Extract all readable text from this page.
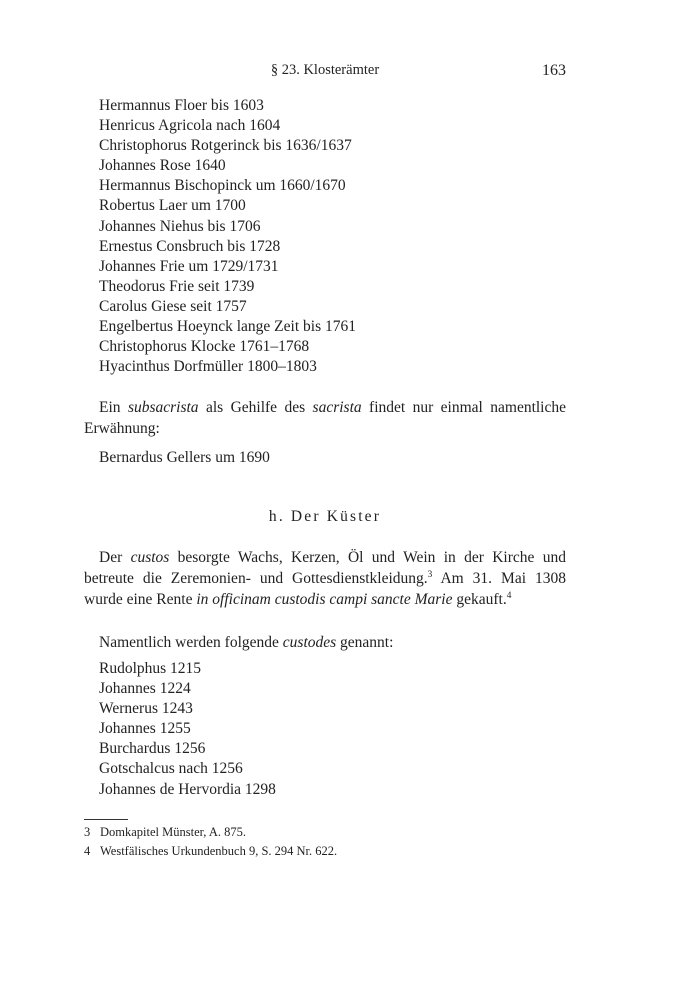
§ 23. Klosterämter	163
Hermannus Floer bis 1603
Henricus Agricola nach 1604
Christophorus Rotgerinck bis 1636/1637
Johannes Rose 1640
Hermannus Bischopinck um 1660/1670
Robertus Laer um 1700
Johannes Niehus bis 1706
Ernestus Consbruch bis 1728
Johannes Frie um 1729/1731
Theodorus Frie seit 1739
Carolus Giese seit 1757
Engelbertus Hoeynck lange Zeit bis 1761
Christophorus Klocke 1761–1768
Hyacinthus Dorfmüller 1800–1803

Ein subsacrista als Gehilfe des sacrista findet nur einmal namentliche Erwähnung:

Bernardus Gellers um 1690
h. Der Küster

Der custos besorgte Wachs, Kerzen, Öl und Wein in der Kirche und betreute die Zeremonien- und Gottesdienstkleidung.$^3$ Am 31. Mai 1308 wurde eine Rente in officinam custodis campi sancte Marie gekauft.$^4$

Namentlich werden folgende custodes genannt:

Rudolphus 1215
Johannes 1224
Wernerus 1243
Johannes 1255
Burchardus 1256
Gotschalcus nach 1256
Johannes de Hervordia 1298
3 Domkapitel Münster, A. 875.
4 Westfälisches Urkundenbuch 9, S. 294 Nr. 622.
